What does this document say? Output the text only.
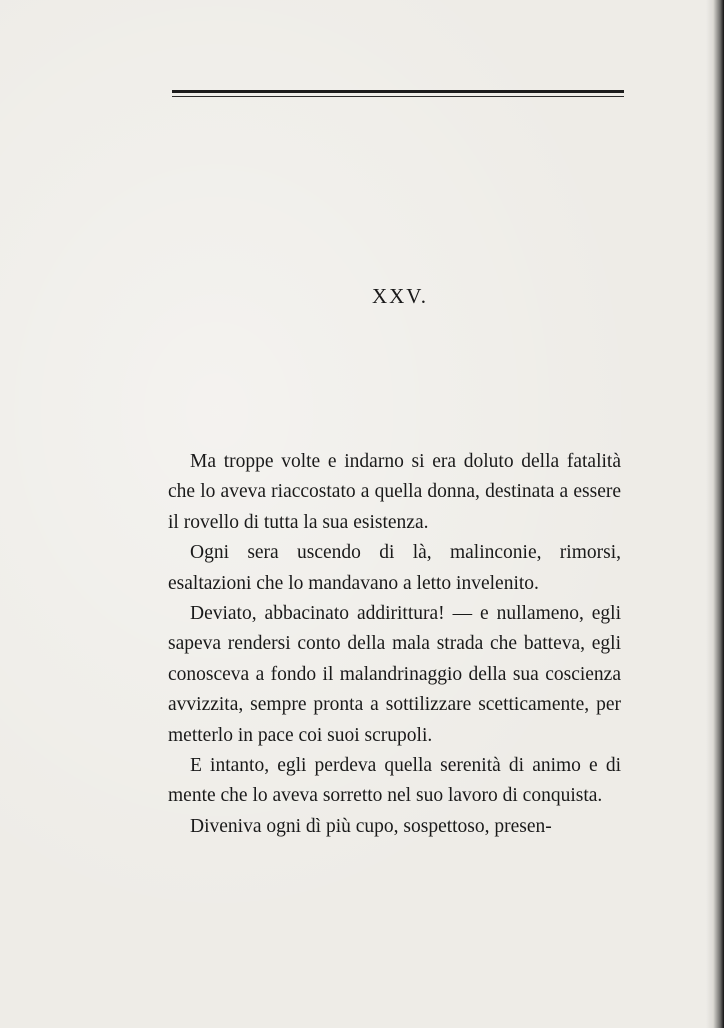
XXV.

Ma troppe volte e indarno si era doluto della fatalità che lo aveva riaccostato a quella donna, destinata a essere il rovello di tutta la sua esistenza.

Ogni sera uscendo di là, malinconie, rimorsi, esaltazioni che lo mandavano a letto invelenito.

Deviato, abbacinato addirittura! — e nullameno, egli sapeva rendersi conto della mala strada che batteva, egli conosceva a fondo il malandrinaggio della sua coscienza avvizzita, sempre pronta a sottilizzare scetticamente, per metterlo in pace coi suoi scrupoli.

E intanto, egli perdeva quella serenità di animo e di mente che lo aveva sorretto nel suo lavoro di conquista.

Diveniva ogni dì più cupo, sospettoso, presen-
